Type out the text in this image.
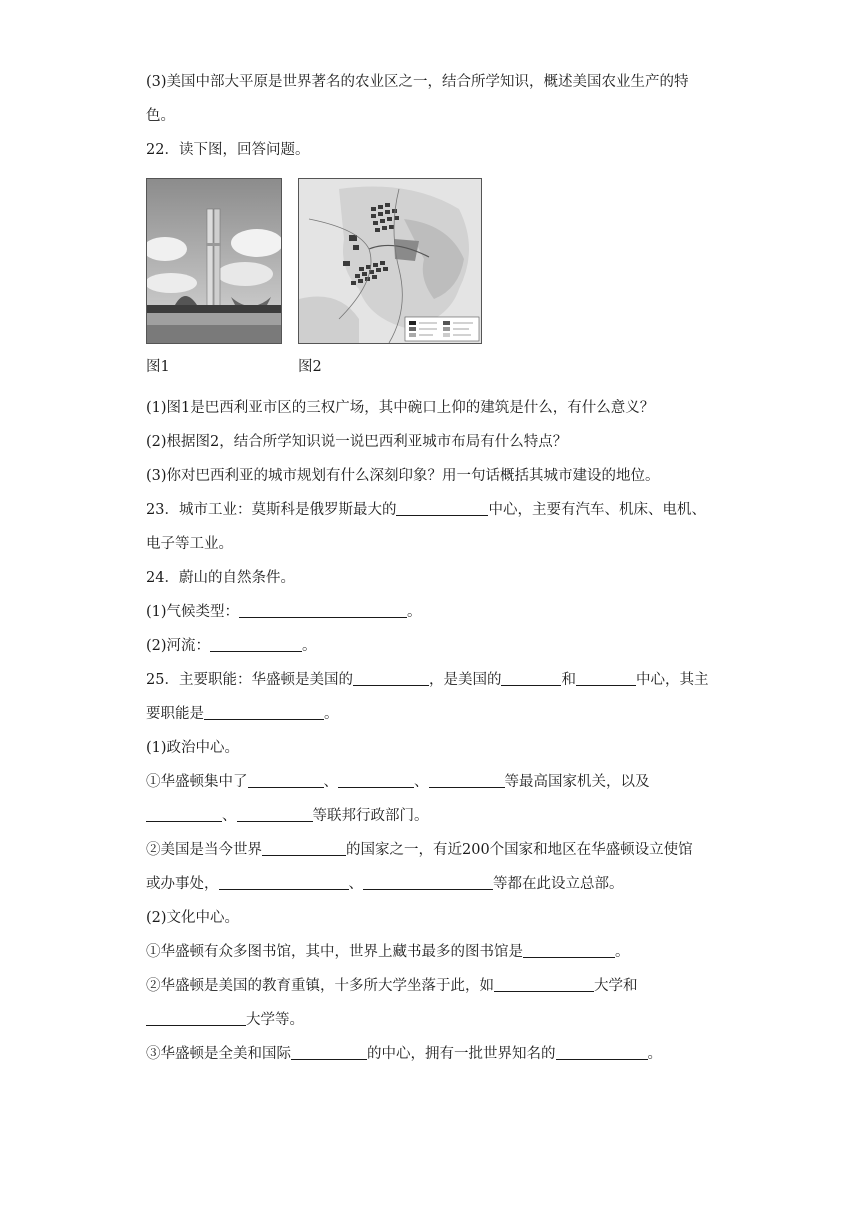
(3)美国中部大平原是世界著名的农业区之一，结合所学知识，概述美国农业生产的特
色。
22．读下图，回答问题。
图1	图2
(1)图1是巴西利亚市区的三权广场，其中碗口上仰的建筑是什么，有什么意义？
(2)根据图2，结合所学知识说一说巴西利亚城市布局有什么特点？
(3)你对巴西利亚的城市规划有什么深刻印象？用一句话概括其城市建设的地位。
23．城市工业：莫斯科是俄罗斯最大的	中心，主要有汽车、机床、电机、
电子等工业。
24．蔚山的自然条件。
(1)气候类型：	。
(2)河流：	。
25．主要职能：华盛顿是美国的	，是美国的	和	中心，其主
要职能是	。
(1)政治中心。
①华盛顿集中了	、	、	等最高国家机关，以及
、	等联邦行政部门。
②美国是当今世界	的国家之一，有近200个国家和地区在华盛顿设立使馆
或办事处，	、	等都在此设立总部。
(2)文化中心。
①华盛顿有众多图书馆，其中，世界上藏书最多的图书馆是	。
②华盛顿是美国的教育重镇，十多所大学坐落于此，如	大学和
大学等。
③华盛顿是全美和国际	的中心，拥有一批世界知名的	。
